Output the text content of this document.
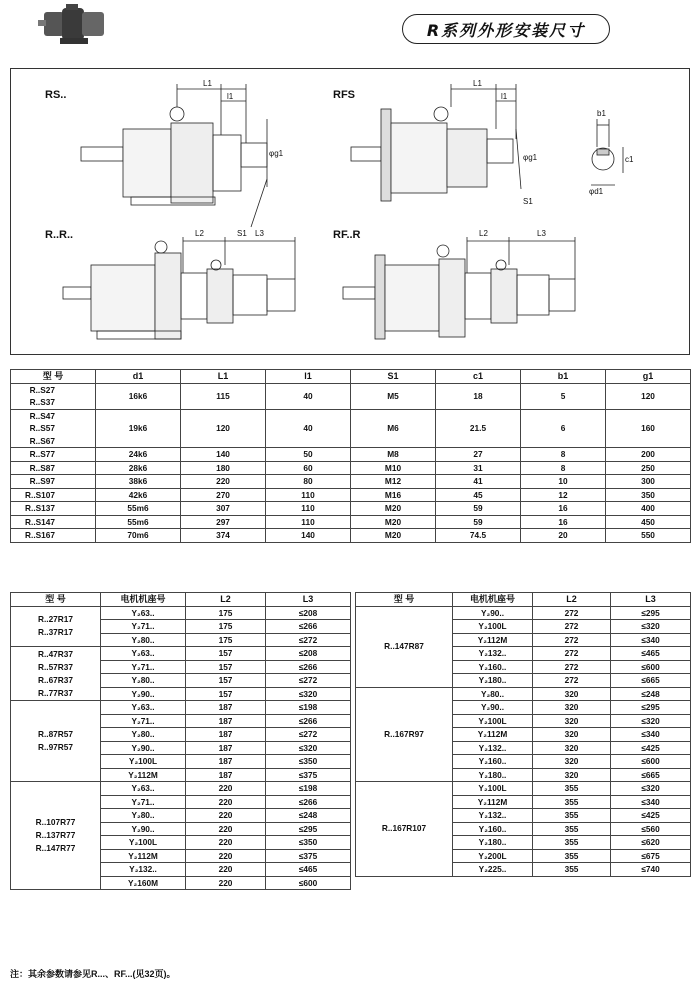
R系列外形安装尺寸
RS..	RFS
R..R..	RF..R
L1
l1
φg1
S1
L1
l1
φg1
S1
b1
c1
φd1
L2	L3	L2	L3
型 号	d1	L1	l1	S1	c1	b1	g1

R..S27
R..S37	16k6	115	40	M5	18	5	120

R..S47
R..S57
R..S67	19k6	120	40	M6	21.5	6	160

R..S77	24k6	140	50	M8	27	8	200

R..S87	28k6	180	60	M10	31	8	250

R..S97	38k6	220	80	M12	41	10	300

R..S107	42k6	270	110	M16	45	12	350

R..S137	55m6	307	110	M20	59	16	400

R..S147	55m6	297	110	M20	59	16	450

R..S167	70m6	374	140	M20	74.5	20	550
型 号	电机机座号	L2	L3

R..27R17
R..37R17	Y₂63..	175	≤208
	Y₂71..	175	≤266
	Y₂80..	175	≤272

R..47R37
R..57R37
R..67R37
R..77R37	Y₂63..	157	≤208
	Y₂71..	157	≤266
	Y₂80..	157	≤272
	Y₂90..	157	≤320

R..87R57
R..97R57	Y₂63..	187	≤198
	Y₂71..	187	≤266
	Y₂80..	187	≤272
	Y₂90..	187	≤320
	Y₂100L	187	≤350
	Y₂112M	187	≤375

R..107R77
R..137R77
R..147R77	Y₂63..	220	≤198
	Y₂71..	220	≤266
	Y₂80..	220	≤248
	Y₂90..	220	≤295
	Y₂100L	220	≤350
	Y₂112M	220	≤375
	Y₂132..	220	≤465
	Y₂160M	220	≤600
型 号	电机机座号	L2	L3

R..147R87	Y₂90..	272	≤295
	Y₂100L	272	≤320
	Y₂112M	272	≤340
	Y₂132..	272	≤465
	Y₂160..	272	≤600
	Y₂180..	272	≤665

R..167R97	Y₂80..	320	≤248
	Y₂90..	320	≤295
	Y₂100L	320	≤320
	Y₂112M	320	≤340
	Y₂132..	320	≤425
	Y₂160..	320	≤600
	Y₂180..	320	≤665

R..167R107	Y₂100L	355	≤320
	Y₂112M	355	≤340
	Y₂132..	355	≤425
	Y₂160..	355	≤560
	Y₂180..	355	≤620
	Y₂200L	355	≤675
	Y₂225..	355	≤740
注：其余参数请参见R...、RF...(见32页)。
